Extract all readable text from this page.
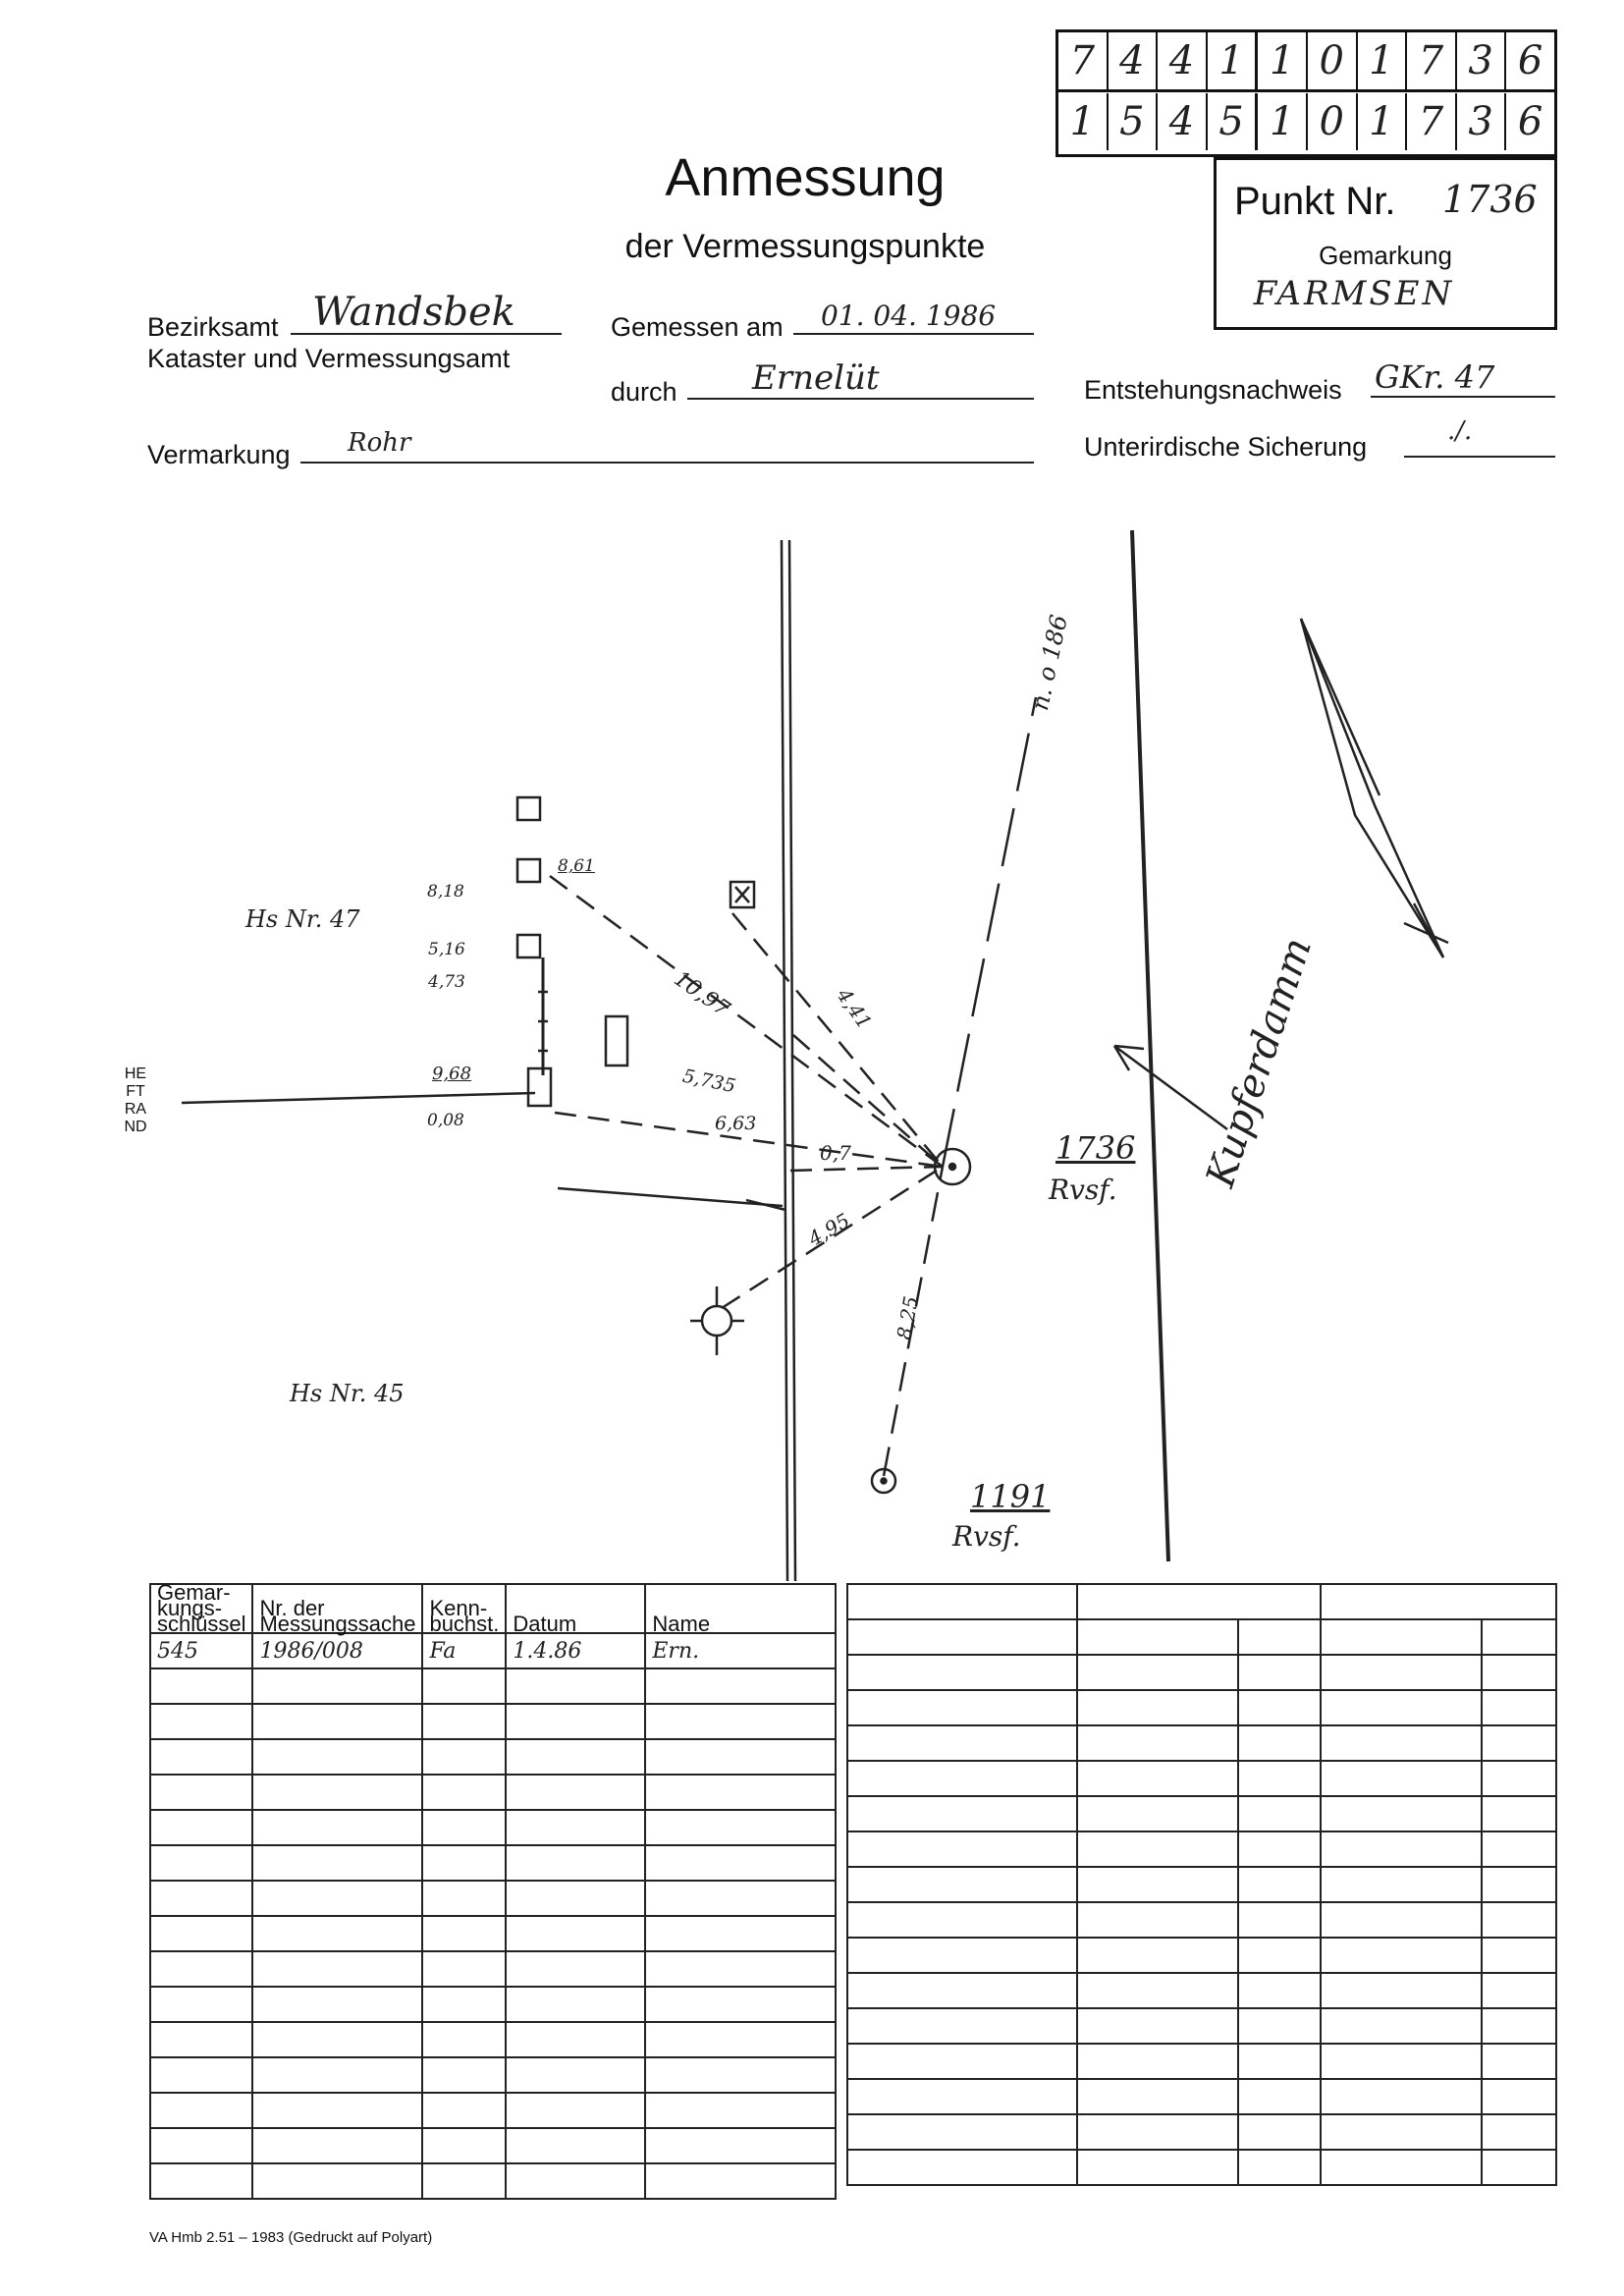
7 4 4 1 1 0 1 7 3 6
1 5 4 5 1 0 1 7 3 6
Punkt Nr. 1736
Gemarkung
FARMSEN
Anmessung
der Vermessungspunkte
Bezirksamt Wandsbek
Kataster und Vermessungsamt
Gemessen am 01. 04. 1986
durch Ernelüt	Entstehungsnachweis GKr. 47
Vermarkung Rohr	Unterirdische Sicherung
./.
HEFTRAND
Hs Nr. 47
Hs Nr. 45
Kupferdamm
1736
Rvsf.
1191
Rvsf.
n. o 186
8,61
8,18
5,16
4,73
9,68
0,08
10,97	4,41
5,735
6,63
0,7
4,95
8,25
Gemar-kungs-schlüssel	Nr. der Messungssache	Kenn-buchst.	Datum	Name
545	1986/008	Fa	1.4.86	Ern.

VA Hmb 2.51 – 1983 (Gedruckt auf Polyart)
